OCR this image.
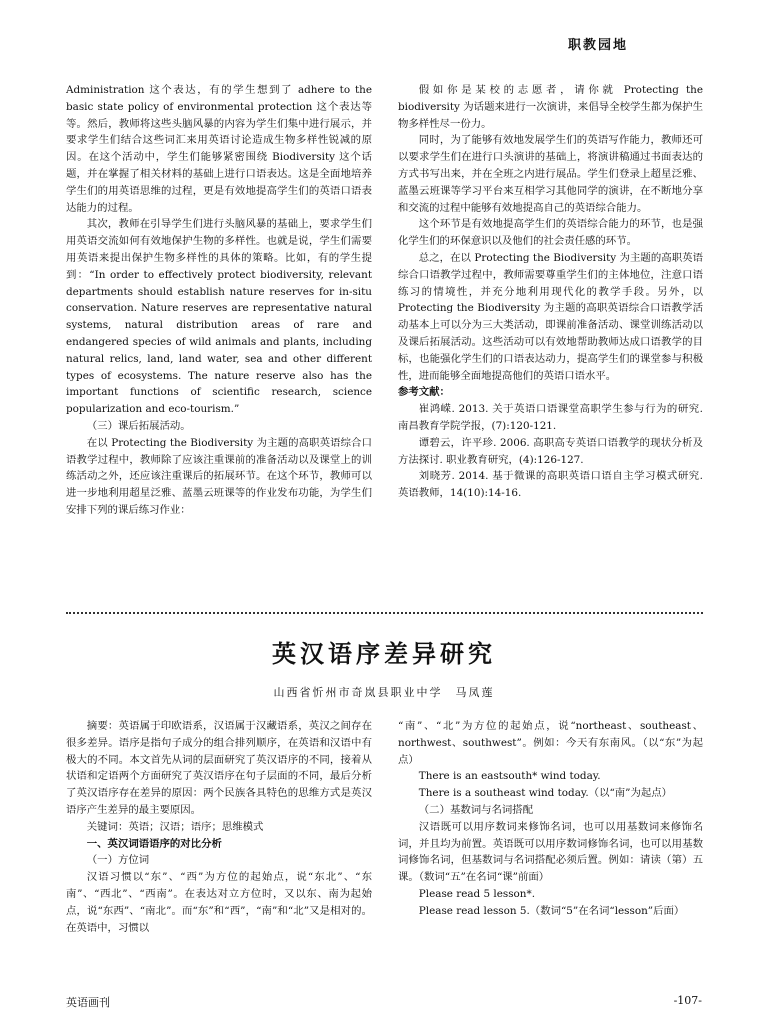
职教园地

Administration 这个表达，有的学生想到了 adhere to the basic state policy of environmental protection 这个表达等等。然后，教师将这些头脑风暴的内容为学生们集中进行展示，并要求学生们结合这些词汇来用英语讨论造成生物多样性锐减的原因。在这个活动中，学生们能够紧密围绕 Biodiversity 这个话题，并在掌握了相关材料的基础上进行口语表达。这是全面地培养学生们的用英语思维的过程，更是有效地提高学生们的英语口语表达能力的过程。

其次，教师在引导学生们进行头脑风暴的基础上，要求学生们用英语交流如何有效地保护生物的多样性。也就是说，学生们需要用英语来提出保护生物多样性的具体的策略。比如，有的学生提到：“In order to effectively protect biodiversity, relevant departments should establish nature reserves for in-situ conservation. Nature reserves are representative natural systems, natural distribution areas of rare and endangered species of wild animals and plants, including natural relics, land, land water, sea and other different types of ecosystems. The nature reserve also has the important functions of scientific research, science popularization and eco-tourism.”

（三）课后拓展活动。

在以 Protecting the Biodiversity 为主题的高职英语综合口语教学过程中，教师除了应该注重课前的准备活动以及课堂上的训练活动之外，还应该注重课后的拓展环节。在这个环节，教师可以进一步地利用超星泛雅、蓝墨云班课等的作业发布功能，为学生们安排下列的课后练习作业：

假如你是某校的志愿者，请你就 Protecting the biodiversity 为话题来进行一次演讲，来倡导全校学生都为保护生物多样性尽一份力。

同时，为了能够有效地发展学生们的英语写作能力，教师还可以要求学生们在进行口头演讲的基础上，将演讲稿通过书面表达的方式书写出来，并在全班之内进行展品。学生们登录上超星泛雅、蓝墨云班课等学习平台来互相学习其他同学的演讲，在不断地分享和交流的过程中能够有效地提高自己的英语综合能力。

这个环节是有效地提高学生们的英语综合能力的环节，也是强化学生们的环保意识以及他们的社会责任感的环节。

总之，在以 Protecting the Biodiversity 为主题的高职英语综合口语教学过程中，教师需要尊重学生们的主体地位，注意口语练习的情境性，并充分地利用现代化的教学手段。另外，以 Protecting the Biodiversity 为主题的高职英语综合口语教学活动基本上可以分为三大类活动，即课前准备活动、课堂训练活动以及课后拓展活动。这些活动可以有效地帮助教师达成口语教学的目标，也能强化学生们的口语表达动力，提高学生们的课堂参与积极性，进而能够全面地提高他们的英语口语水平。

参考文献：

崔鸿嵘. 2013. 关于英语口语课堂高职学生参与行为的研究. 南昌教育学院学报，(7):120-121.

谭碧云，许平珍. 2006. 高职高专英语口语教学的现状分析及方法探讨. 职业教育研究，(4):126-127.

刘晓芳. 2014. 基于微课的高职英语口语自主学习模式研究. 英语教师，14(10):14-16.

英汉语序差异研究
山西省忻州市奇岚县职业中学　马凤莲

摘要：英语属于印欧语系，汉语属于汉藏语系，英汉之间存在很多差异。语序是指句子成分的组合排列顺序，在英语和汉语中有极大的不同。本文首先从词的层面研究了英汉语序的不同，接着从状语和定语两个方面研究了英汉语序在句子层面的不同，最后分析了英汉语序存在差异的原因：两个民族各具特色的思维方式是英汉语序产生差异的最主要原因。

关键词：英语；汉语；语序；思维模式

　　一、英汉词语语序的对比分析

（一）方位词

汉语习惯以“东”、“西”为方位的起始点，说“东北”、“东南”、“西北”、“西南”。在表达对立方位时，又以东、南为起始点，说“东西”、“南北”。而“东”和“西”，“南”和“北”又是相对的。在英语中，习惯以

“南”、“北”为方位的起始点，说“northeast、southeast、northwest、southwest”。例如：今天有东南风。（以“东”为起点）

There is an eastsouth* wind today.

There is a southeast wind today.（以“南”为起点）

（二）基数词与名词搭配

汉语既可以用序数词来修饰名词，也可以用基数词来修饰名词，并且均为前置。英语既可以用序数词修饰名词，也可以用基数词修饰名词，但基数词与名词搭配必须后置。例如：请读（第）五课。（数词“五”在名词“课”前面）

Please read 5 lesson*.

Please read lesson 5.（数词“5”在名词“lesson”后面）

英语画刊	-107-
